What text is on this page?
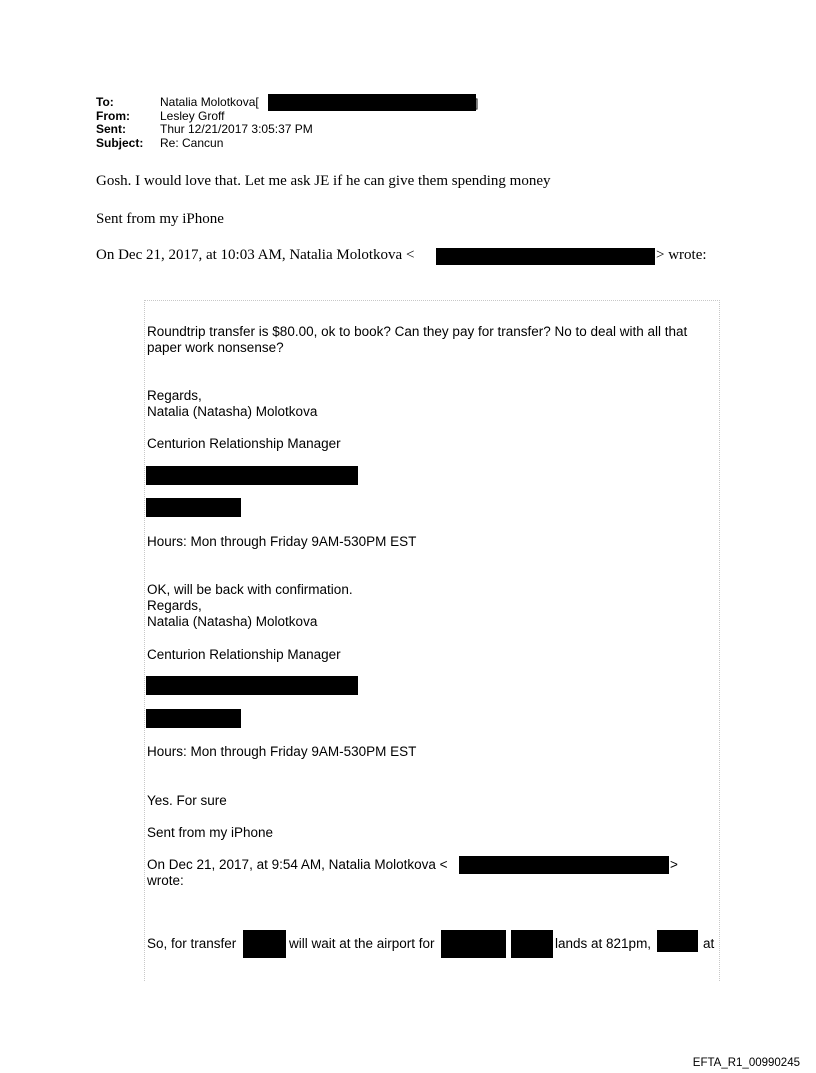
To:	Natalia Molotkova[
From:	Lesley Groff
Sent:	Thur 12/21/2017 3:05:37 PM
Subject:	Re: Cancun
]
Gosh. I would love that. Let me ask JE if he can give them spending money
Sent from my iPhone
On Dec 21, 2017, at 10:03 AM, Natalia Molotkova <	> wrote:
Roundtrip transfer is $80.00, ok to book? Can they pay for transfer? No to deal with all that
paper work nonsense?
Regards,
Natalia (Natasha) Molotkova
Centurion Relationship Manager
Hours: Mon through Friday 9AM-530PM EST
OK, will be back with confirmation.
Regards,
Natalia (Natasha) Molotkova
Centurion Relationship Manager
Hours: Mon through Friday 9AM-530PM EST
Yes. For sure
Sent from my iPhone
On Dec 21, 2017, at 9:54 AM, Natalia Molotkova <	>
wrote:
So, for transfer	will wait at the airport for	lands at 821pm,	at
EFTA_R1_00990245
